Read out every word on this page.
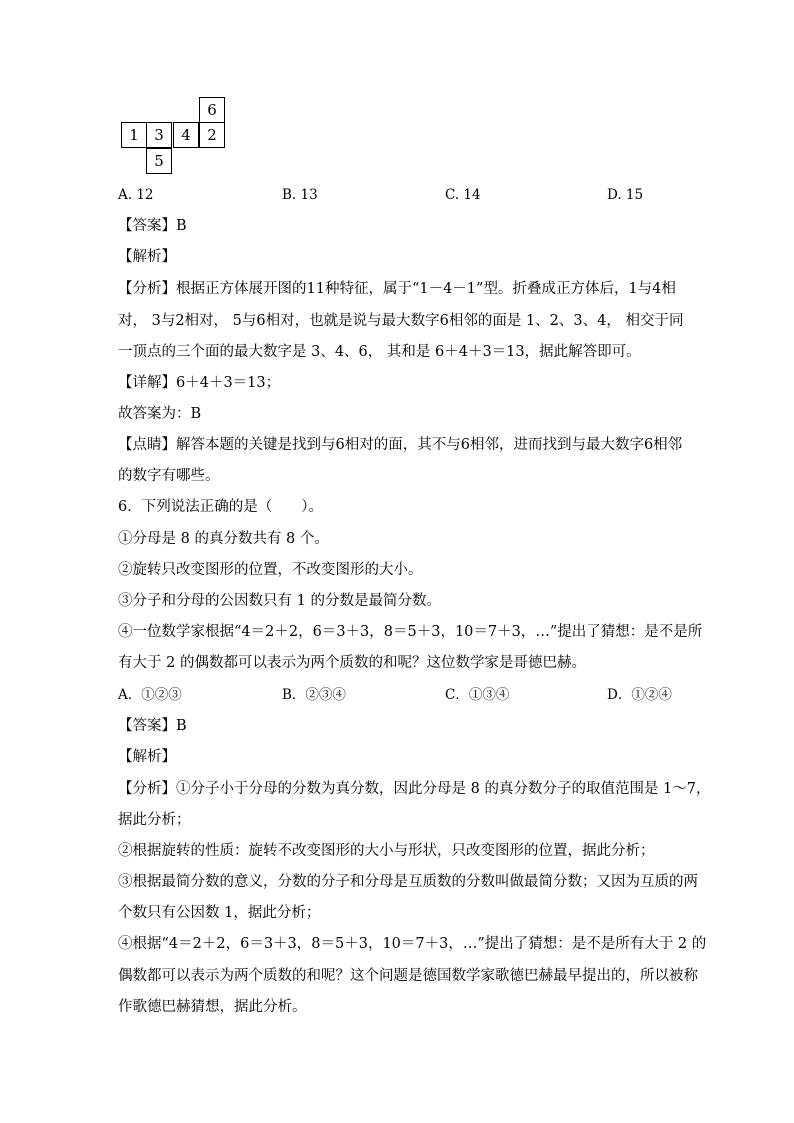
6
1	3	4	2
5
A. 12	B. 13	C. 14	D. 15
【答案】B
【解析】
【分析】根据正方体展开图的11种特征，属于“1－4－1”型。折叠成正方体后，1与4相
对， 3与2相对， 5与6相对，也就是说与最大数字6相邻的面是 1、2、3、4， 相交于同
一顶点的三个面的最大数字是 3、4、6， 其和是 6＋4＋3＝13，据此解答即可。
【详解】6＋4＋3＝13；
故答案为：B
【点睛】解答本题的关键是找到与6相对的面，其不与6相邻，进而找到与最大数字6相邻
的数字有哪些。
6．下列说法正确的是（　　）。
①分母是 8 的真分数共有 8 个。
②旋转只改变图形的位置，不改变图形的大小。
③分子和分母的公因数只有 1 的分数是最简分数。
④一位数学家根据“4＝2＋2，6＝3＋3，8＝5＋3，10＝7＋3，…”提出了猜想：是不是所
有大于 2 的偶数都可以表示为两个质数的和呢？这位数学家是哥德巴赫。
A．①②③	B．②③④	C．①③④	D．①②④
【答案】B
【解析】
【分析】①分子小于分母的分数为真分数，因此分母是 8 的真分数分子的取值范围是 1～7，
据此分析；
②根据旋转的性质：旋转不改变图形的大小与形状，只改变图形的位置，据此分析；
③根据最简分数的意义，分数的分子和分母是互质数的分数叫做最简分数；又因为互质的两
个数只有公因数 1，据此分析；
④根据“4＝2＋2，6＝3＋3，8＝5＋3，10＝7＋3，…”提出了猜想：是不是所有大于 2 的
偶数都可以表示为两个质数的和呢？这个问题是德国数学家歌德巴赫最早提出的，所以被称
作歌德巴赫猜想，据此分析。
